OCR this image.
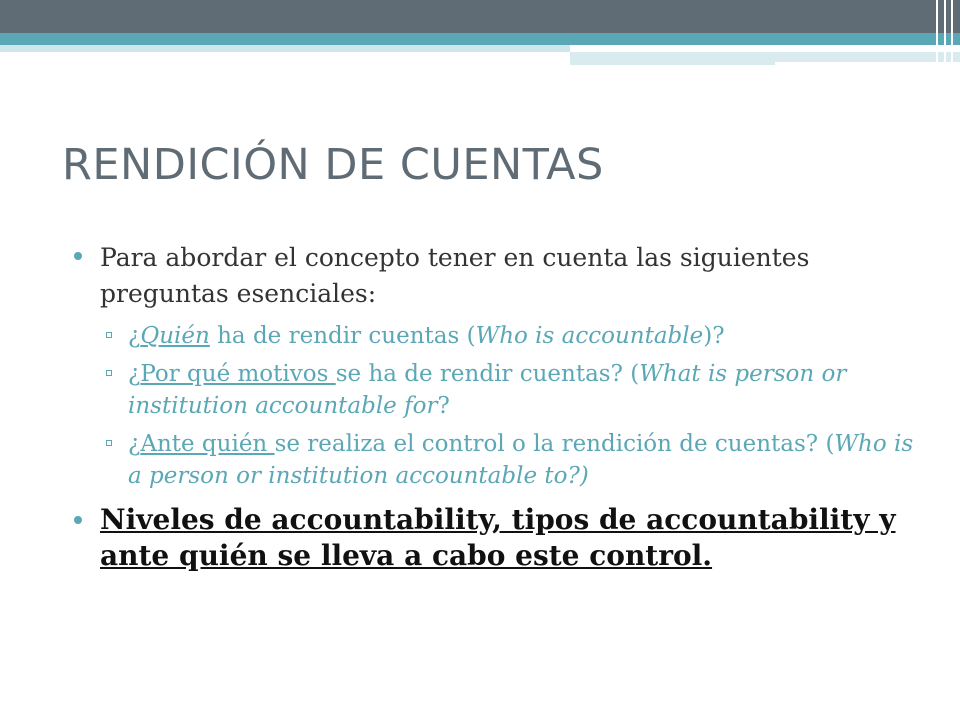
RENDICIÓN DE CUENTAS
Para abordar el concepto tener en cuenta las siguientes preguntas esenciales:
¿Quién ha de rendir cuentas (Who is accountable)?
¿Por qué motivos se ha de rendir cuentas? (What is person or institution accountable for?
¿Ante quién se realiza el control o la rendición de cuentas? (Who is a person or institution accountable to?)
Niveles de accountability, tipos de accountability y ante quién se lleva a cabo este control.
